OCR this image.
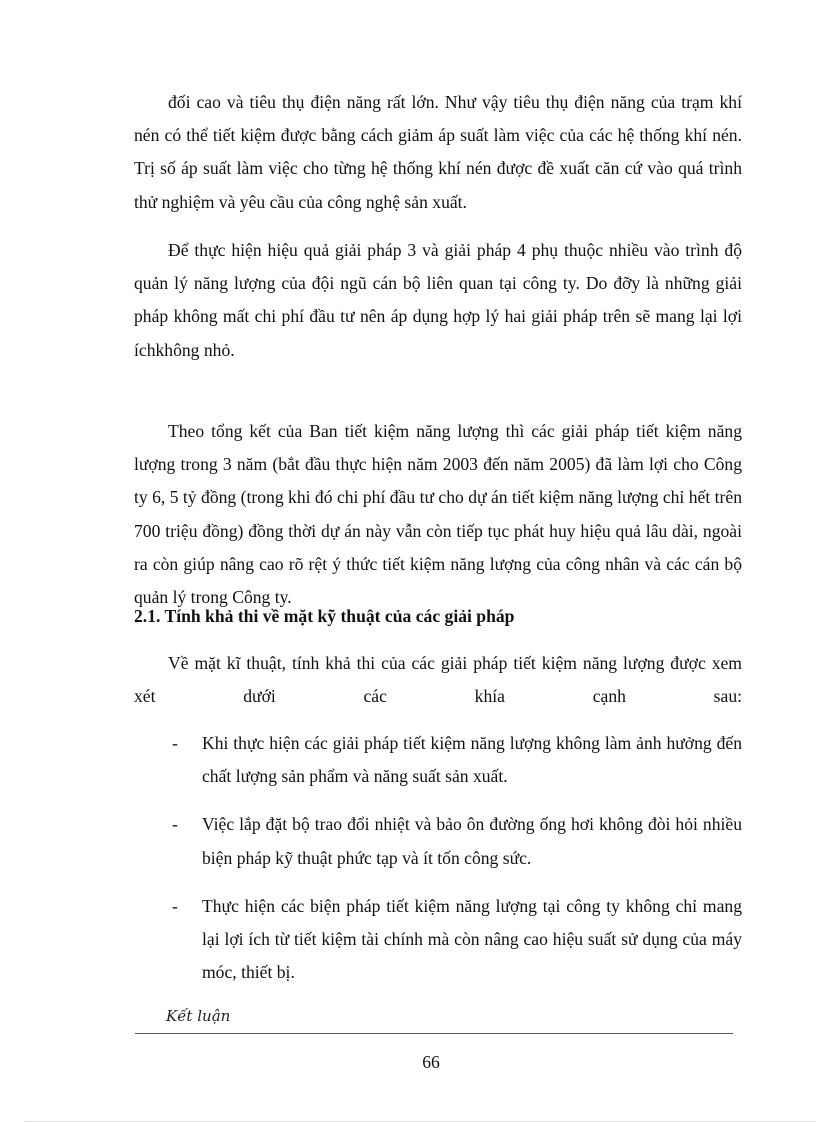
đối cao và tiêu thụ điện năng rất lớn. Như vậy tiêu thụ điện năng của trạm khí nén có thể tiết kiệm được bằng cách giảm áp suất làm việc của các hệ thống khí nén. Trị số áp suất làm việc cho từng hệ thống khí nén được đề xuất căn cứ vào quá trình thử nghiệm và yêu cầu của công nghệ sản xuất.

Để thực hiện hiệu quả giải pháp 3 và giải pháp 4 phụ thuộc nhiều vào trình độ quản lý năng lượng của đội ngũ cán bộ liên quan tại công ty. Do đỡy là những giải pháp không mất chi phí đầu tư nên áp dụng hợp lý hai giải pháp trên sẽ mang lại lợi íchkhông nhỏ.

Theo tổng kết của Ban tiết kiệm năng lượng thì các giải pháp tiết kiệm năng lượng trong 3 năm (bắt đầu thực hiện năm 2003 đến năm 2005) đã làm lợi cho Công ty 6, 5 tỷ đồng (trong khi đó chi phí đầu tư cho dự án tiết kiệm năng lượng chỉ hết trên 700 triệu đồng) đồng thời dự án này vẫn còn tiếp tục phát huy hiệu quả lâu dài, ngoài ra còn giúp nâng cao rõ rệt ý thức tiết kiệm năng lượng của công nhân và các cán bộ quản lý trong Công ty.

2.1. Tính khả thi về mặt kỹ thuật của các giải pháp

Về mặt kĩ thuật, tính khả thi của các giải pháp tiết kiệm năng lượng được xem xét dưới các khía cạnh sau:

- Khi thực hiện các giải pháp tiết kiệm năng lượng không làm ảnh hưởng đến chất lượng sản phẩm và năng suất sản xuất.
- Việc lắp đặt bộ trao đổi nhiệt và bảo ôn đường ống hơi không đòi hỏi nhiều biện pháp kỹ thuật phức tạp và ít tốn công sức.
- Thực hiện các biện pháp tiết kiệm năng lượng tại công ty không chỉ mang lại lợi ích từ tiết kiệm tài chính mà còn nâng cao hiệu suất sử dụng của máy móc, thiết bị.
Kết luận
66
